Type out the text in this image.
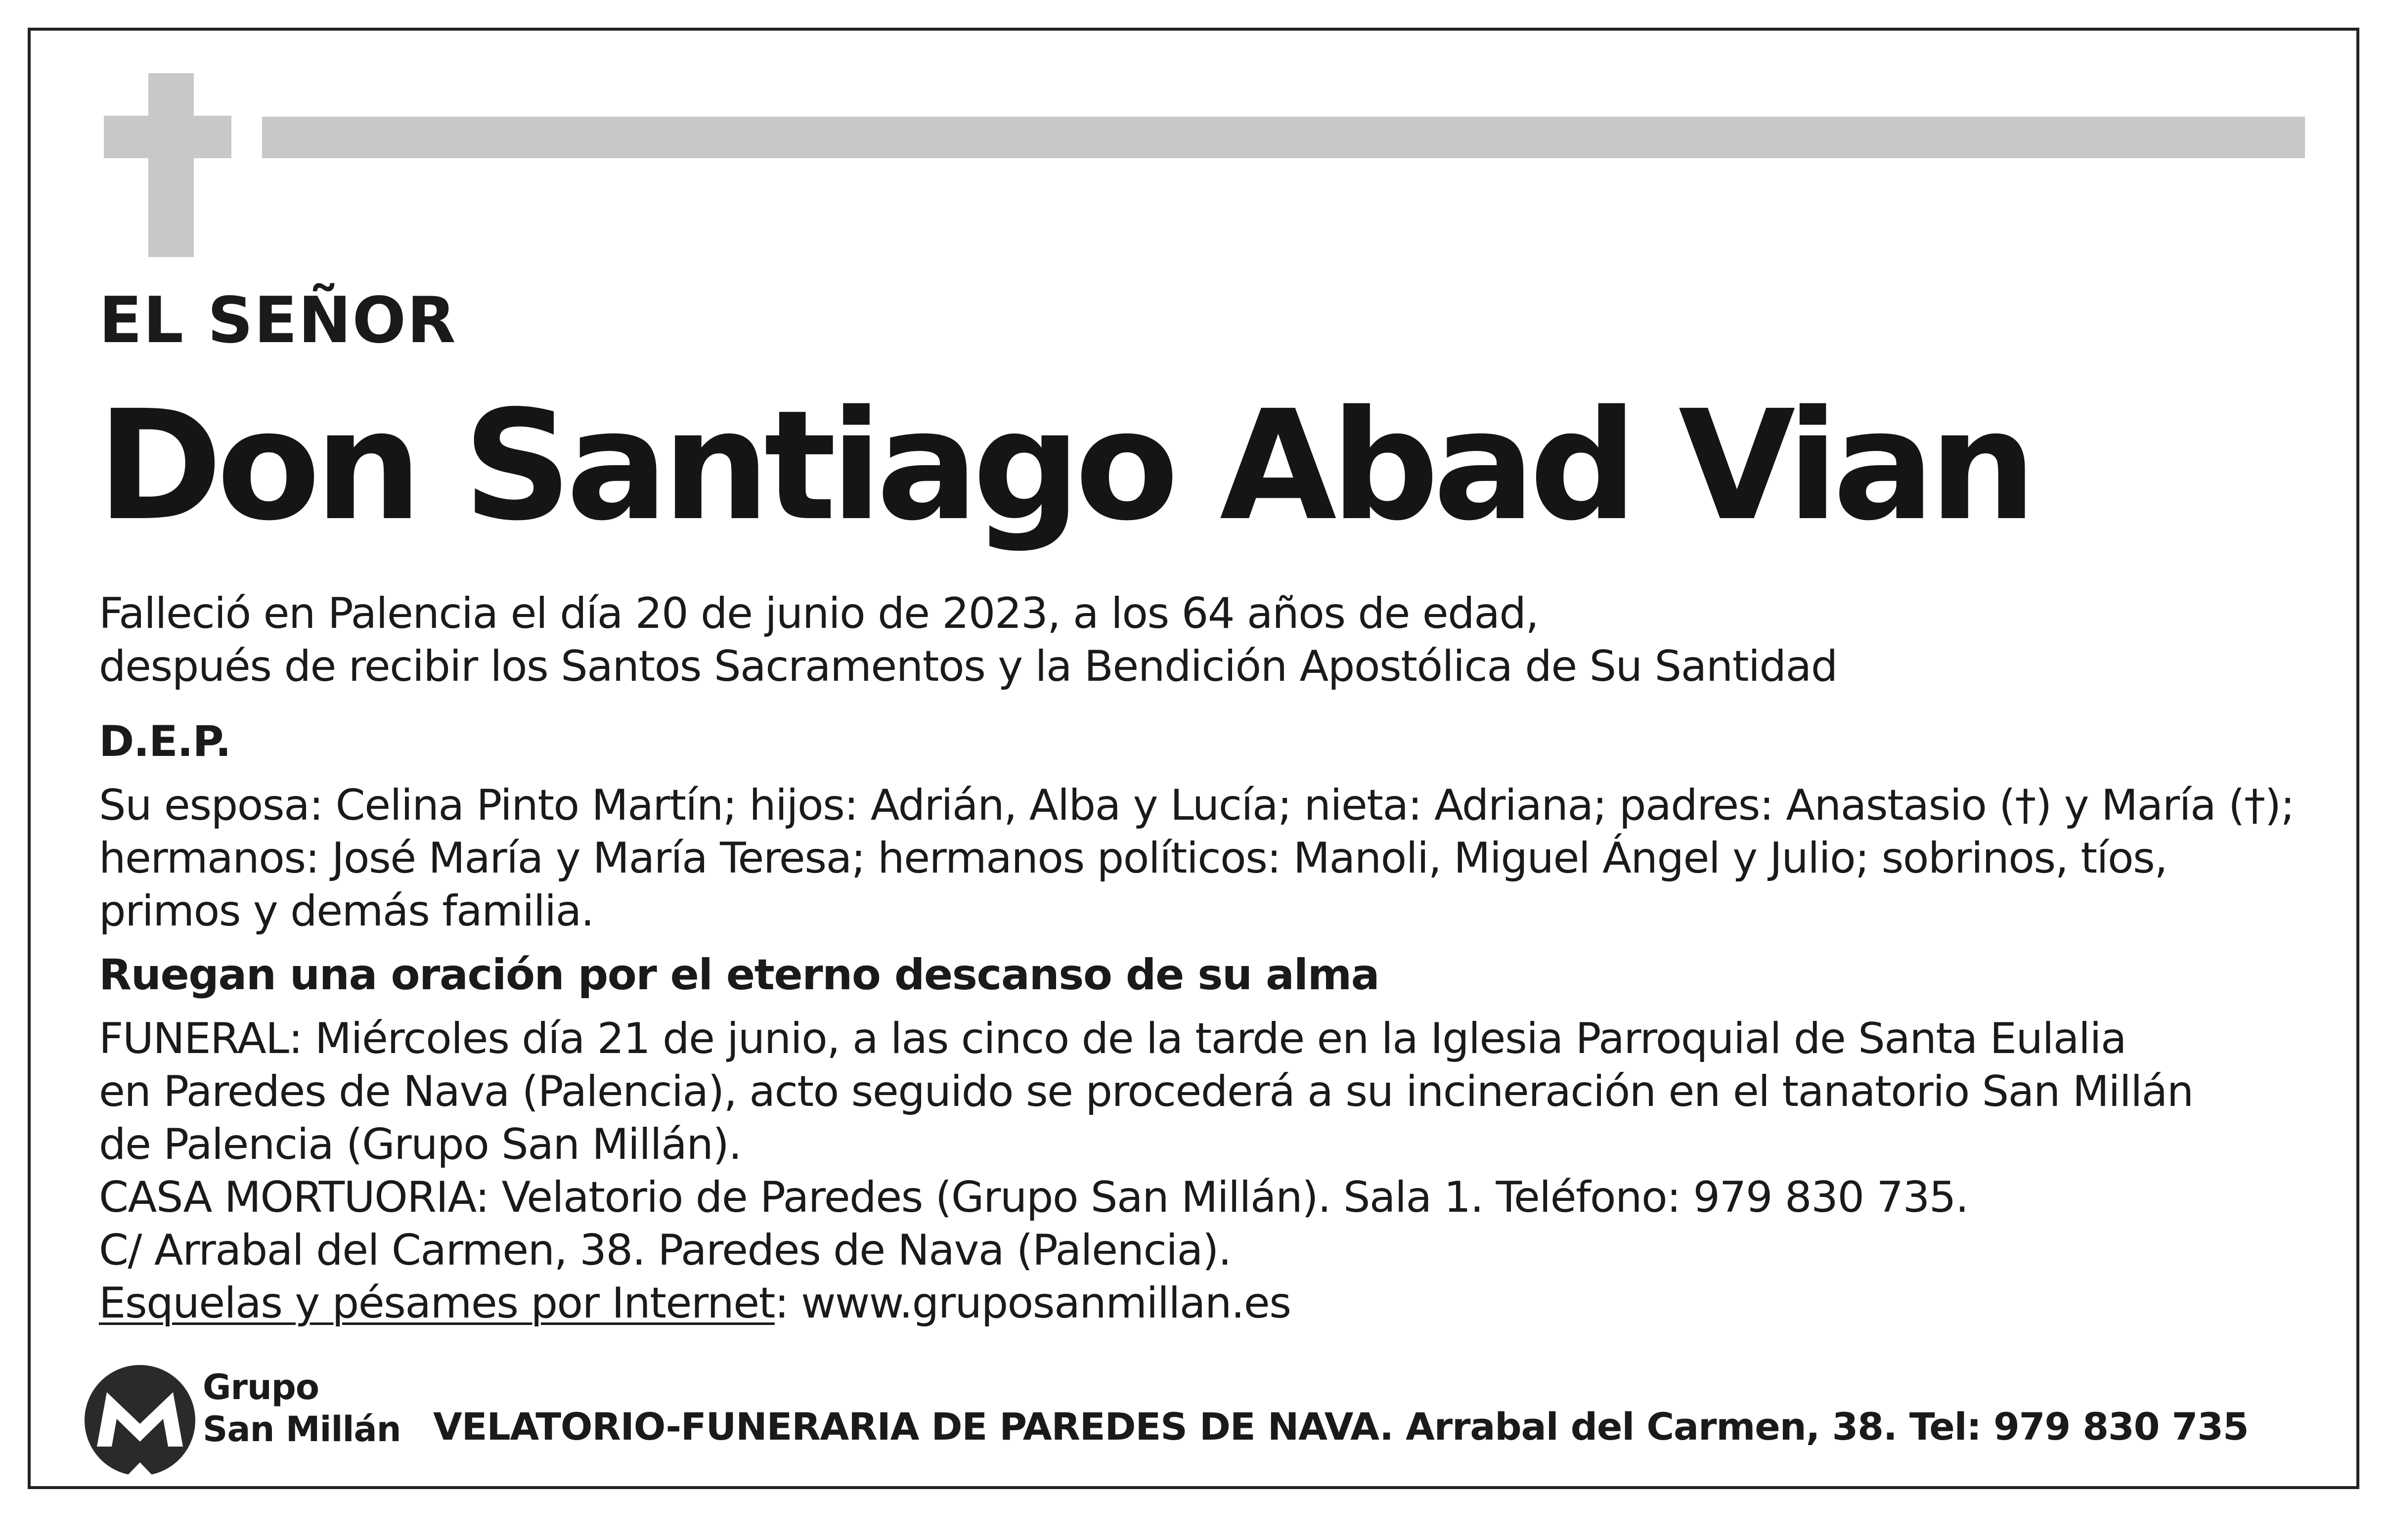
EL SEÑOR
Don Santiago Abad Vian
Falleció en Palencia el día 20 de junio de 2023, a los 64 años de edad,
después de recibir los Santos Sacramentos y la Bendición Apostólica de Su Santidad
D.E.P.
Su esposa: Celina Pinto Martín; hijos: Adrián, Alba y Lucía; nieta: Adriana; padres: Anastasio (†) y María (†);
hermanos: José María y María Teresa; hermanos políticos: Manoli, Miguel Ángel y Julio; sobrinos, tíos,
primos y demás familia.
Ruegan una oración por el eterno descanso de su alma
FUNERAL: Miércoles día 21 de junio, a las cinco de la tarde en la Iglesia Parroquial de Santa Eulalia
en Paredes de Nava (Palencia), acto seguido se procederá a su incineración en el tanatorio San Millán
de Palencia (Grupo San Millán).
CASA MORTUORIA: Velatorio de Paredes (Grupo San Millán). Sala 1. Teléfono: 979 830 735.
C/ Arrabal del Carmen, 38. Paredes de Nava (Palencia).
Esquelas y pésames por Internet: www.gruposanmillan.es
Grupo
San Millán VELATORIO-FUNERARIA DE PAREDES DE NAVA. Arrabal del Carmen, 38. Tel: 979 830 735
